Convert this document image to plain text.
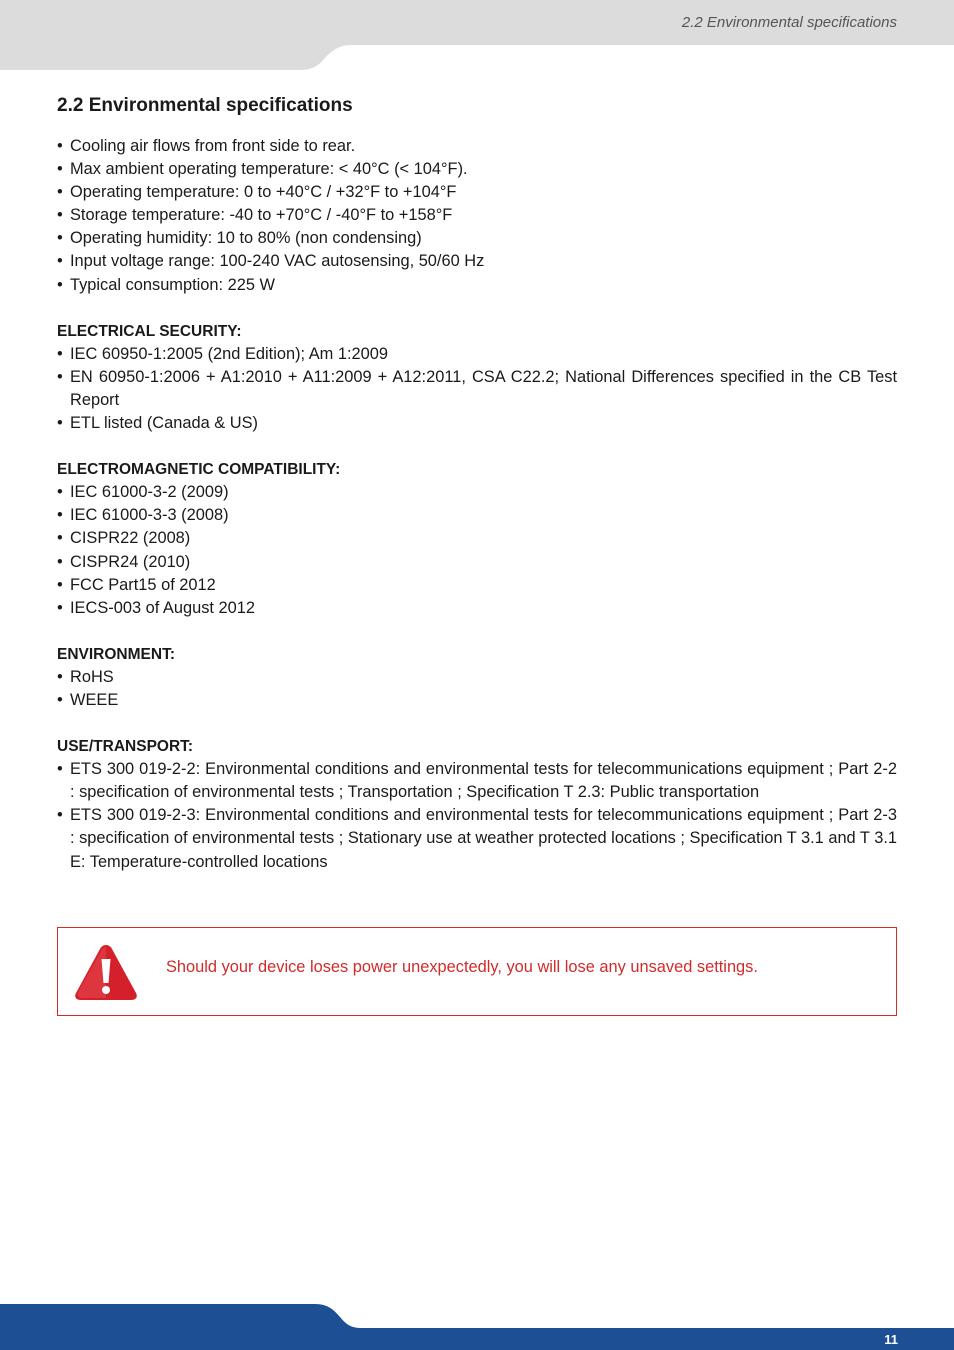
2.2 Environmental specifications
2.2 Environmental specifications
• Cooling air flows from front side to rear.
• Max ambient operating temperature: < 40°C (< 104°F).
• Operating temperature: 0 to +40°C / +32°F to +104°F
• Storage temperature: -40 to +70°C / -40°F to +158°F
• Operating humidity: 10 to 80% (non condensing)
• Input voltage range: 100-240 VAC autosensing, 50/60 Hz
• Typical consumption: 225 W
ELECTRICAL SECURITY:
• IEC 60950-1:2005 (2nd Edition); Am 1:2009
• EN 60950-1:2006 + A1:2010 + A11:2009 + A12:2011, CSA C22.2; National Differences specified in the CB Test Report
• ETL listed (Canada & US)
ELECTROMAGNETIC COMPATIBILITY:
• IEC 61000-3-2 (2009)
• IEC 61000-3-3 (2008)
• CISPR22 (2008)
• CISPR24 (2010)
• FCC Part15 of 2012
• IECS-003 of August 2012
ENVIRONMENT:
• RoHS
• WEEE
USE/TRANSPORT:
• ETS 300 019-2-2: Environmental conditions and environmental tests for telecommunications equipment ; Part 2-2 : specification of environmental tests ; Transportation ; Specification T 2.3: Public transportation
• ETS 300 019-2-3: Environmental conditions and environmental tests for telecommunications equipment ; Part 2-3 : specification of environmental tests ; Stationary use at weather protected locations ; Specification T 3.1 and T 3.1 E: Temperature-controlled locations
Should your device loses power unexpectedly, you will lose any unsaved settings.
11
